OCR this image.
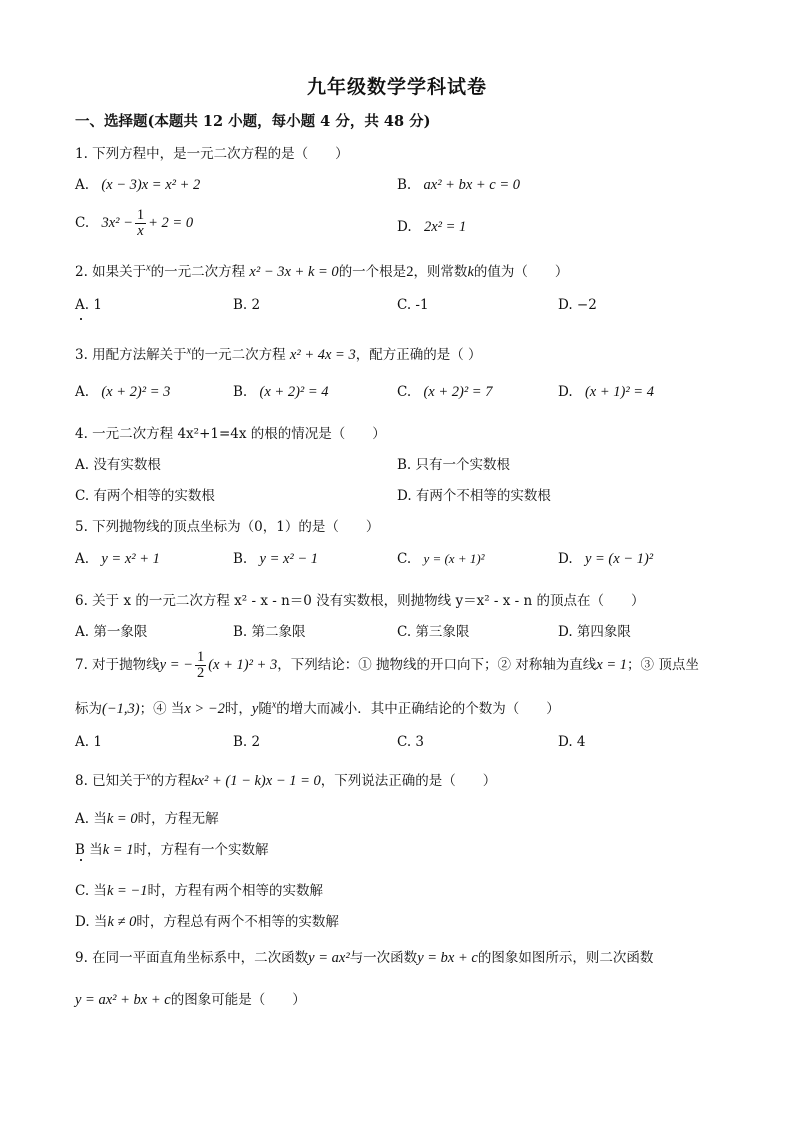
九年级数学学科试卷
一、选择题(本题共 12 小题，每小题 4 分，共 48 分)
1. 下列方程中，是一元二次方程的是（　　）
A. (x − 3)x = x² + 2	B. ax² + bx + c = 0
C. $3x^2 - \frac{1}{x} + 2 = 0$	D. 2x² = 1
2. 如果关于$^x$的一元二次方程 x² − 3x + k = 0的一个根是2，则常数k的值为（　　）
A. 1	B. 2	C. -1	D. −2
3. 用配方法解关于$^x$的一元二次方程 x² + 4x = 3，配方正确的是（ ）
A. (x + 2)² = 3	B. (x + 2)² = 4	C. (x + 2)² = 7	D. (x + 1)² = 4
4. 一元二次方程 4x²+1=4x 的根的情况是（　　）
A. 没有实数根	B. 只有一个实数根
C. 有两个相等的实数根	D. 有两个不相等的实数根
5. 下列抛物线的顶点坐标为（0，1）的是（　　）
A. y = x² + 1	B. y = x² − 1	C. y = (x + 1)²	D. y = (x − 1)²
6. 关于 x 的一元二次方程 x² - x - n＝0 没有实数根，则抛物线 y＝x² - x - n 的顶点在（　　）
A. 第一象限	B. 第二象限	C. 第三象限	D. 第四象限
7. 对于抛物线y = − $\frac{1}{2} (x + 1)^2 + 3$，下列结论：① 抛物线的开口向下；② 对称轴为直线x = 1；③ 顶点坐
标为(−1,3)；④ 当x > −2时，y随$^x$的增大而减小．其中正确结论的个数为（　　）
A. 1	B. 2	C. 3	D. 4
8. 已知关于$^x$的方程kx² + (1 − k)x − 1 = 0，下列说法正确的是（　　）
A. 当k = 0时，方程无解
B 当k = 1时，方程有一个实数解
C. 当k = −1时，方程有两个相等的实数解
D. 当k ≠ 0时，方程总有两个不相等的实数解
9. 在同一平面直角坐标系中，二次函数y = ax²与一次函数y = bx + c的图象如图所示，则二次函数
y = ax² + bx + c的图象可能是（　　）
